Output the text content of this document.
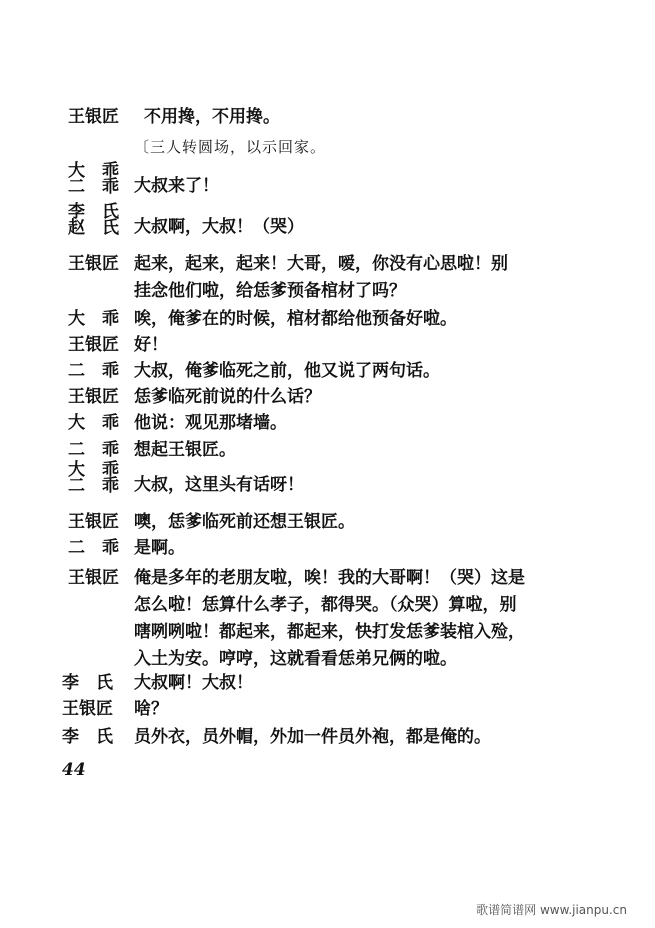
王银匠 不用搀，不用搀。
〔三人转圆场，以示回家。
大　乖
二　乖 大叔来了！
李　氏
赵　氏 大叔啊，大叔！（哭）
王银匠 起来，起来，起来！大哥，嗳，你没有心思啦！别
挂念他们啦，给恁爹预备棺材了吗？
大　乖 唉，俺爹在的时候，棺材都给他预备好啦。
王银匠 好！
二　乖 大叔，俺爹临死之前，他又说了两句话。
王银匠 恁爹临死前说的什么话？
大　乖 他说：观见那堵墙。
二　乖 想起王银匠。
大　乖
二　乖 大叔，这里头有话呀！
王银匠 噢，恁爹临死前还想王银匠。
二　乖 是啊。
王银匠 俺是多年的老朋友啦，唉！我的大哥啊！（哭）这是
怎么啦！恁算什么孝子，都得哭。（众哭）算啦，别
嗐咧咧啦！都起来，都起来，快打发恁爹装棺入殓，
入土为安。哼哼，这就看看恁弟兄俩的啦。
李　氏 大叔啊！大叔！
王银匠 啥？
李　氏 员外衣，员外帽，外加一件员外袍，都是俺的。
44
歌谱简谱网 www.jianpu.cn
